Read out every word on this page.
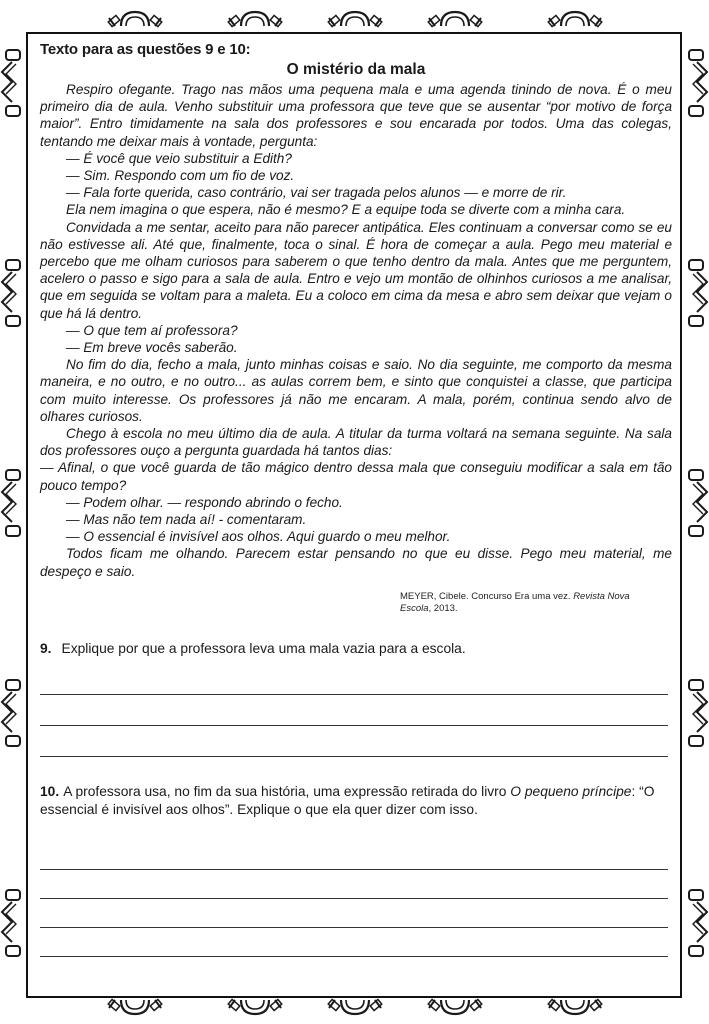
Texto para as questões 9 e 10:
O mistério da mala

Respiro ofegante. Trago nas mãos uma pequena mala e uma agenda tinindo de nova. É o meu primeiro dia de aula. Venho substituir uma professora que teve que se ausentar “por motivo de força maior”. Entro timidamente na sala dos professores e sou encarada por todos. Uma das colegas, tentando me deixar mais à vontade, pergunta:

— É você que veio substituir a Edith?

— Sim. Respondo com um fio de voz.

— Fala forte querida, caso contrário, vai ser tragada pelos alunos — e morre de rir.

Ela nem imagina o que espera, não é mesmo? E a equipe toda se diverte com a minha cara.

Convidada a me sentar, aceito para não parecer antipática. Eles continuam a conversar como se eu não estivesse ali. Até que, finalmente, toca o sinal. É hora de começar a aula. Pego meu material e percebo que me olham curiosos para saberem o que tenho dentro da mala. Antes que me perguntem, acelero o passo e sigo para a sala de aula. Entro e vejo um montão de olhinhos curiosos a me analisar, que em seguida se voltam para a maleta. Eu a coloco em cima da mesa e abro sem deixar que vejam o que há lá dentro.

— O que tem aí professora?

— Em breve vocês saberão.

No fim do dia, fecho a mala, junto minhas coisas e saio. No dia seguinte, me comporto da mesma maneira, e no outro, e no outro... as aulas correm bem, e sinto que conquistei a classe, que participa com muito interesse. Os professores já não me encaram. A mala, porém, continua sendo alvo de olhares curiosos.

Chego à escola no meu último dia de aula. A titular da turma voltará na semana seguinte. Na sala dos professores ouço a pergunta guardada há tantos dias:

— Afinal, o que você guarda de tão mágico dentro dessa mala que conseguiu modificar a sala em tão pouco tempo?

— Podem olhar. — respondo abrindo o fecho.

— Mas não tem nada aí! - comentaram.

— O essencial é invisível aos olhos. Aqui guardo o meu melhor.

Todos ficam me olhando. Parecem estar pensando no que eu disse. Pego meu material, me despeço e saio.

MEYER, Cibele. Concurso Era uma vez. Revista Nova Escola, 2013.
9. Explique por que a professora leva uma mala vazia para a escola.
10. A professora usa, no fim da sua história, uma expressão retirada do livro O pequeno príncipe: “O essencial é invisível aos olhos”. Explique o que ela quer dizer com isso.
